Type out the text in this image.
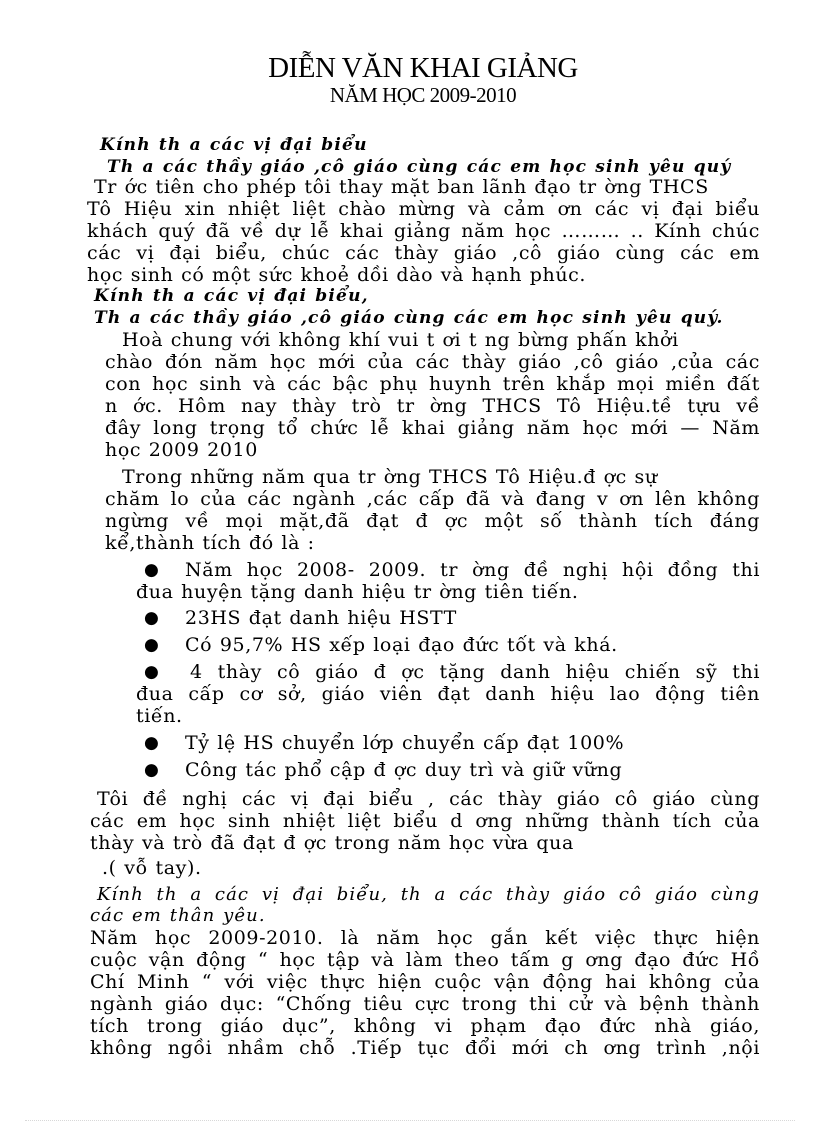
DIỄN VĂN KHAI GIẢNG
NĂM HỌC 2009-2010
Kính th a các vị đại biểu
Th a các thầy giáo ,cô giáo cùng các em học sinh yêu quý
Tr ớc tiên cho phép tôi thay mặt ban lãnh đạo tr ờng THCS
Tô Hiệu xin nhiệt liệt chào mừng và cảm ơn các vị đại biểu
khách quý đã về dự lễ khai giảng năm học ……… .. Kính chúc
các vị đại biểu, chúc các thày giáo ,cô giáo cùng các em
học sinh có một sức khoẻ dồi dào và hạnh phúc.
Kính th a các vị đại biểu,
Th a các thầy giáo ,cô giáo cùng các em học sinh yêu quý.
Hoà chung với không khí vui t ơi t ng bừng phấn khởi
chào đón năm học mới của các thày giáo ,cô giáo ,của các
con học sinh và các bậc phụ huynh trên khắp mọi miền đất
n ớc. Hôm nay thày trò tr ờng THCS Tô Hiệu.tề tựu về
đây long trọng tổ chức lễ khai giảng năm học mới — Năm
học 2009 2010
Trong những năm qua tr ờng THCS Tô Hiệu.đ ợc sự
chăm lo của các ngành ,các cấp đã và đang v ơn lên không
ngừng về mọi mặt,đã đạt đ ợc một số thành tích đáng
kể,thành tích đó là :
● Năm học 2008- 2009. tr ờng đề nghị hội đồng thi
đua huyện tặng danh hiệu tr ờng tiên tiến.
● 23HS đạt danh hiệu HSTT
● Có 95,7% HS xếp loại đạo đức tốt và khá.
● 4 thày cô giáo đ ợc tặng danh hiệu chiến sỹ thi
đua cấp cơ sở, giáo viên đạt danh hiệu lao động tiên
tiến.
● Tỷ lệ HS chuyển lớp chuyển cấp đạt 100%
● Công tác phổ cập đ ợc duy trì và giữ vững
Tôi đề nghị các vị đại biểu , các thày giáo cô giáo cùng
các em học sinh nhiệt liệt biểu d ơng những thành tích của
thày và trò đã đạt đ ợc trong năm học vừa qua
.( vỗ tay).
Kính th a các vị đại biểu, th a các thày giáo cô giáo cùng
các em thân yêu.
Năm học 2009-2010. là năm học gắn kết việc thực hiện
cuộc vận động “ học tập và làm theo tấm g ơng đạo đức Hồ
Chí Minh “ với việc thực hiện cuộc vận động hai không của
ngành giáo dục: “Chống tiêu cực trong thi cử và bệnh thành
tích trong giáo dục”, không vi phạm đạo đức nhà giáo,
không ngồi nhầm chỗ .Tiếp tục đổi mới ch ơng trình ,nội
